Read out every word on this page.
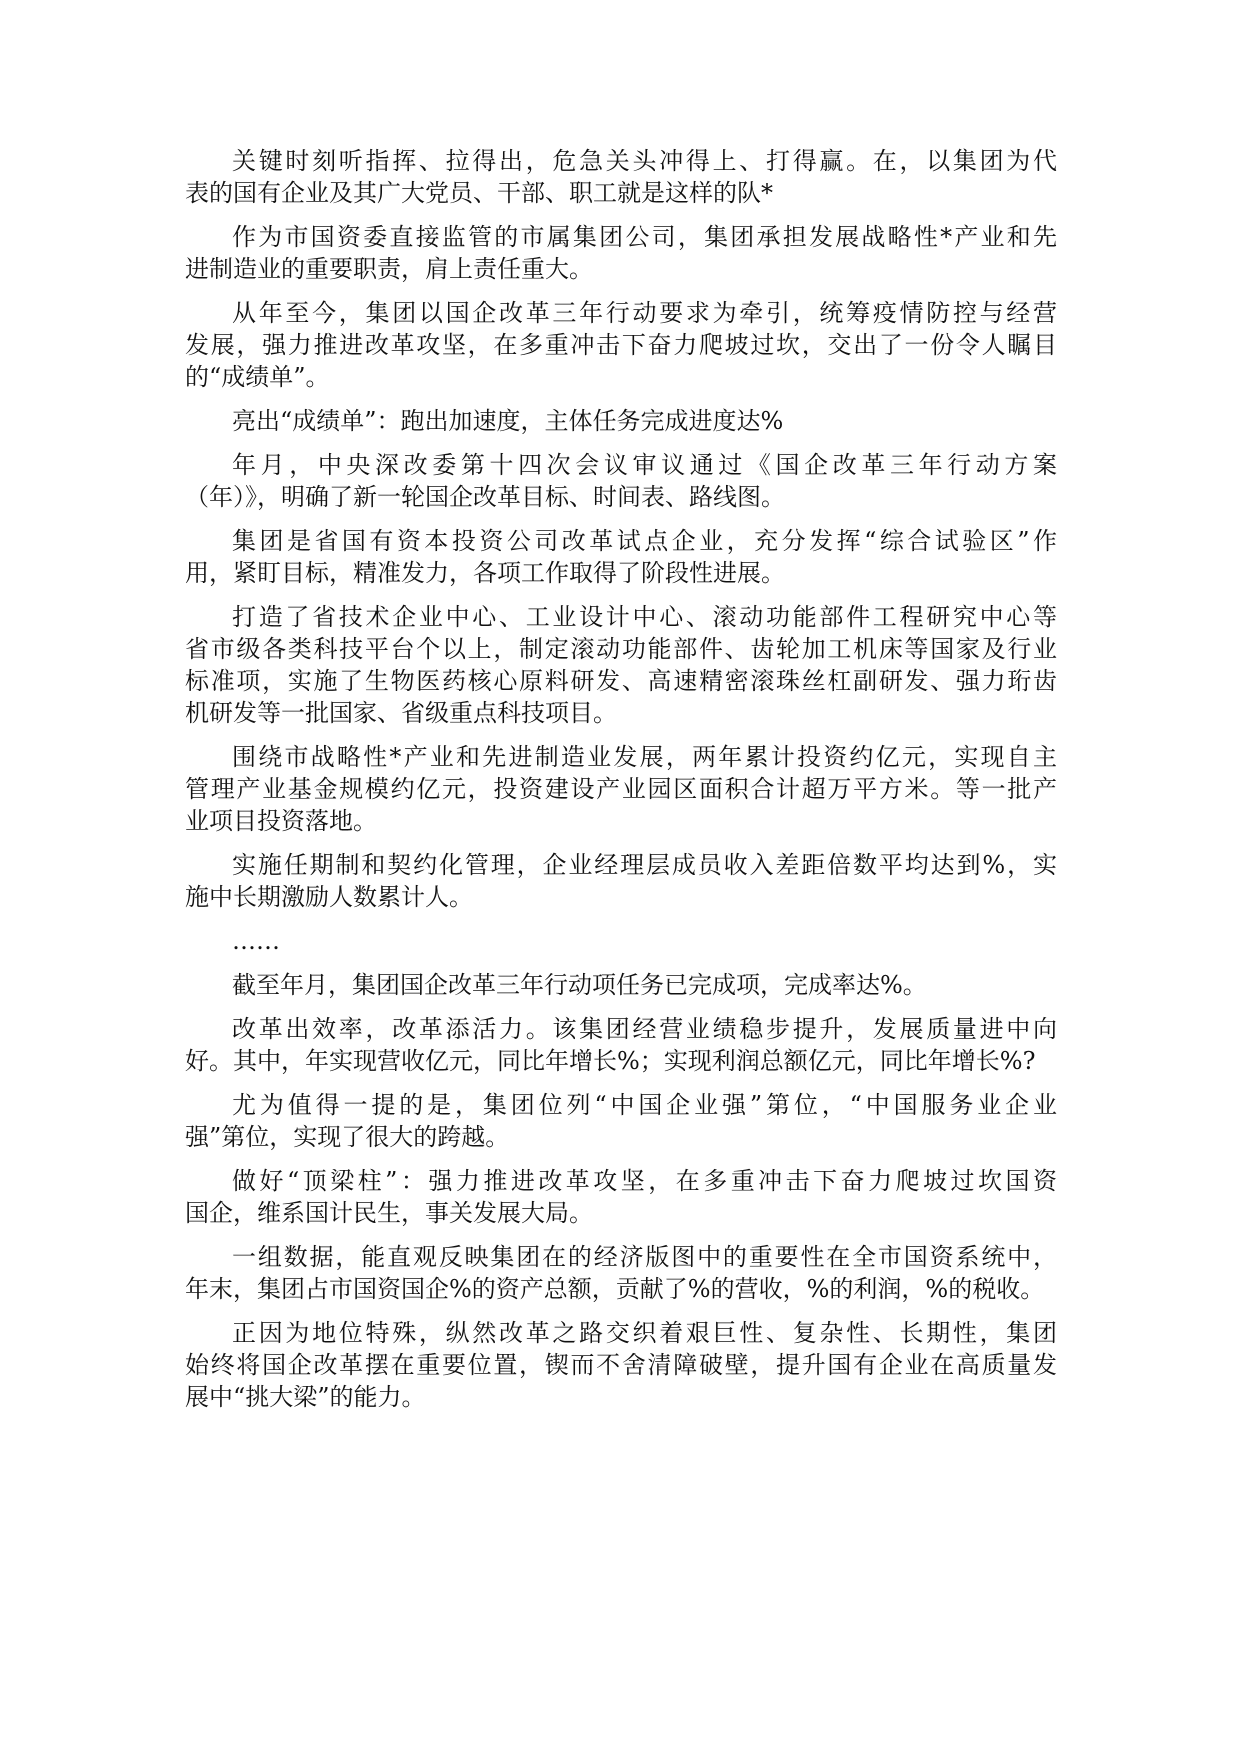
关键时刻听指挥、拉得出，危急关头冲得上、打得赢。在，以集团为代
表的国有企业及其广大党员、干部、职工就是这样的队*
作为市国资委直接监管的市属集团公司，集团承担发展战略性*产业和先
进制造业的重要职责，肩上责任重大。
从年至今，集团以国企改革三年行动要求为牵引，统筹疫情防控与经营
发展，强力推进改革攻坚，在多重冲击下奋力爬坡过坎，交出了一份令人瞩目
的“成绩单”。
亮出“成绩单”：跑出加速度，主体任务完成进度达%
年月，中央深改委第十四次会议审议通过《国企改革三年行动方案
（年）》，明确了新一轮国企改革目标、时间表、路线图。
集团是省国有资本投资公司改革试点企业，充分发挥“综合试验区”作
用，紧盯目标，精准发力，各项工作取得了阶段性进展。
打造了省技术企业中心、工业设计中心、滚动功能部件工程研究中心等
省市级各类科技平台个以上，制定滚动功能部件、齿轮加工机床等国家及行业
标准项，实施了生物医药核心原料研发、高速精密滚珠丝杠副研发、强力珩齿
机研发等一批国家、省级重点科技项目。
围绕市战略性*产业和先进制造业发展，两年累计投资约亿元，实现自主
管理产业基金规模约亿元，投资建设产业园区面积合计超万平方米。等一批产
业项目投资落地。
实施任期制和契约化管理，企业经理层成员收入差距倍数平均达到%，实
施中长期激励人数累计人。
……
截至年月，集团国企改革三年行动项任务已完成项，完成率达%。
改革出效率，改革添活力。该集团经营业绩稳步提升，发展质量进中向
好。其中，年实现营收亿元，同比年增长%；实现利润总额亿元，同比年增长%?
尤为值得一提的是，集团位列“中国企业强”第位，“中国服务业企业
强”第位，实现了很大的跨越。
做好“顶梁柱”：强力推进改革攻坚，在多重冲击下奋力爬坡过坎国资
国企，维系国计民生，事关发展大局。
一组数据，能直观反映集团在的经济版图中的重要性在全市国资系统中，
年末，集团占市国资国企%的资产总额，贡献了%的营收，%的利润，%的税收。
正因为地位特殊，纵然改革之路交织着艰巨性、复杂性、长期性，集团
始终将国企改革摆在重要位置，锲而不舍清障破壁，提升国有企业在高质量发
展中“挑大梁”的能力。
